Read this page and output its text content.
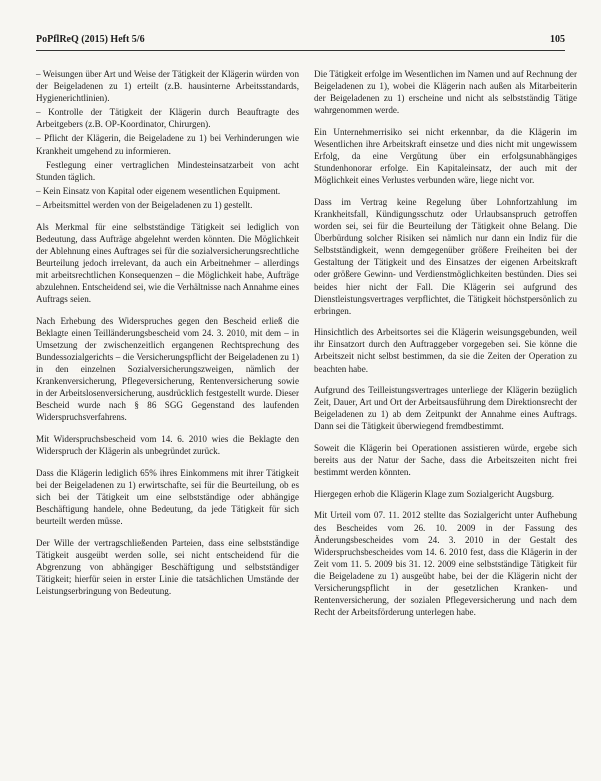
PoPflReQ (2015) Heft 5/6	105

– Weisungen über Art und Weise der Tätigkeit der Klägerin würden von der Beigeladenen zu 1) erteilt (z.B. hausinterne Arbeitsstandards, Hygienerichtlinien).

– Kontrolle der Tätigkeit der Klägerin durch Beauftragte des Arbeitgebers (z.B. OP-Koordinator, Chirurgen).

– Pflicht der Klägerin, die Beigeladene zu 1) bei Verhinderungen wie Krankheit umgehend zu informieren.

Festlegung einer vertraglichen Mindesteinsatzarbeit von acht Stunden täglich.

– Kein Einsatz von Kapital oder eigenem wesentlichen Equipment.

– Arbeitsmittel werden von der Beigeladenen zu 1) gestellt.

Als Merkmal für eine selbstständige Tätigkeit sei lediglich von Bedeutung, dass Aufträge abgelehnt werden könnten. Die Möglichkeit der Ablehnung eines Auftrages sei für die sozialversicherungsrechtliche Beurteilung jedoch irrelevant, da auch ein Arbeitnehmer – allerdings mit arbeitsrechtlichen Konsequenzen – die Möglichkeit habe, Aufträge abzulehnen. Entscheidend sei, wie die Verhältnisse nach Annahme eines Auftrags seien.

Nach Erhebung des Widerspruches gegen den Bescheid erließ die Beklagte einen Teilländerungsbescheid vom 24. 3. 2010, mit dem – in Umsetzung der zwischenzeitlich ergangenen Rechtsprechung des Bundessozialgerichts – die Versicherungspflicht der Beigeladenen zu 1) in den einzelnen Sozialversicherungszweigen, nämlich der Krankenversicherung, Pflegeversicherung, Rentenversicherung sowie in der Arbeitslosenversicherung, ausdrücklich festgestellt wurde. Dieser Bescheid wurde nach § 86 SGG Gegenstand des laufenden Widerspruchsverfahrens.

Mit Widerspruchsbescheid vom 14. 6. 2010 wies die Beklagte den Widerspruch der Klägerin als unbegründet zurück.

Dass die Klägerin lediglich 65% ihres Einkommens mit ihrer Tätigkeit bei der Beigeladenen zu 1) erwirtschafte, sei für die Beurteilung, ob es sich bei der Tätigkeit um eine selbstständige oder abhängige Beschäftigung handele, ohne Bedeutung, da jede Tätigkeit für sich beurteilt werden müsse.

Der Wille der vertragschließenden Parteien, dass eine selbstständige Tätigkeit ausgeübt werden solle, sei nicht entscheidend für die Abgrenzung von abhängiger Beschäftigung und selbstständiger Tätigkeit; hierfür seien in erster Linie die tatsächlichen Umstände der Leistungserbringung von Bedeutung.

Die Tätigkeit erfolge im Wesentlichen im Namen und auf Rechnung der Beigeladenen zu 1), wobei die Klägerin nach außen als Mitarbeiterin der Beigeladenen zu 1) erscheine und nicht als selbstständig Tätige wahrgenommen werde.

Ein Unternehmerrisiko sei nicht erkennbar, da die Klägerin im Wesentlichen ihre Arbeitskraft einsetze und dies nicht mit ungewissem Erfolg, da eine Vergütung über ein erfolgsunabhängiges Stundenhonorar erfolge. Ein Kapitaleinsatz, der auch mit der Möglichkeit eines Verlustes verbunden wäre, liege nicht vor.

Dass im Vertrag keine Regelung über Lohnfortzahlung im Krankheitsfall, Kündigungsschutz oder Urlaubsanspruch getroffen worden sei, sei für die Beurteilung der Tätigkeit ohne Belang. Die Überbürdung solcher Risiken sei nämlich nur dann ein Indiz für die Selbstständigkeit, wenn demgegenüber größere Freiheiten bei der Gestaltung der Tätigkeit und des Einsatzes der eigenen Arbeitskraft oder größere Gewinn- und Verdienstmöglichkeiten bestünden. Dies sei beides hier nicht der Fall. Die Klägerin sei aufgrund des Dienstleistungsvertrages verpflichtet, die Tätigkeit höchstpersönlich zu erbringen.

Hinsichtlich des Arbeitsortes sei die Klägerin weisungsgebunden, weil ihr Einsatzort durch den Auftraggeber vorgegeben sei. Sie könne die Arbeitszeit nicht selbst bestimmen, da sie die Zeiten der Operation zu beachten habe.

Aufgrund des Teilleistungsvertrages unterliege der Klägerin bezüglich Zeit, Dauer, Art und Ort der Arbeitsausführung dem Direktionsrecht der Beigeladenen zu 1) ab dem Zeitpunkt der Annahme eines Auftrags. Dann sei die Tätigkeit überwiegend fremdbestimmt.

Soweit die Klägerin bei Operationen assistieren würde, ergebe sich bereits aus der Natur der Sache, dass die Arbeitszeiten nicht frei bestimmt werden könnten.

Hiergegen erhob die Klägerin Klage zum Sozialgericht Augsburg.

Mit Urteil vom 07. 11. 2012 stellte das Sozialgericht unter Aufhebung des Bescheides vom 26. 10. 2009 in der Fassung des Änderungsbescheides vom 24. 3. 2010 in der Gestalt des Widerspruchsbescheides vom 14. 6. 2010 fest, dass die Klägerin in der Zeit vom 11. 5. 2009 bis 31. 12. 2009 eine selbstständige Tätigkeit für die Beigeladene zu 1) ausgeübt habe, bei der die Klägerin nicht der Versicherungspflicht in der gesetzlichen Kranken- und Rentenversicherung, der sozialen Pflegeversicherung und nach dem Recht der Arbeitsförderung unterlegen habe.
